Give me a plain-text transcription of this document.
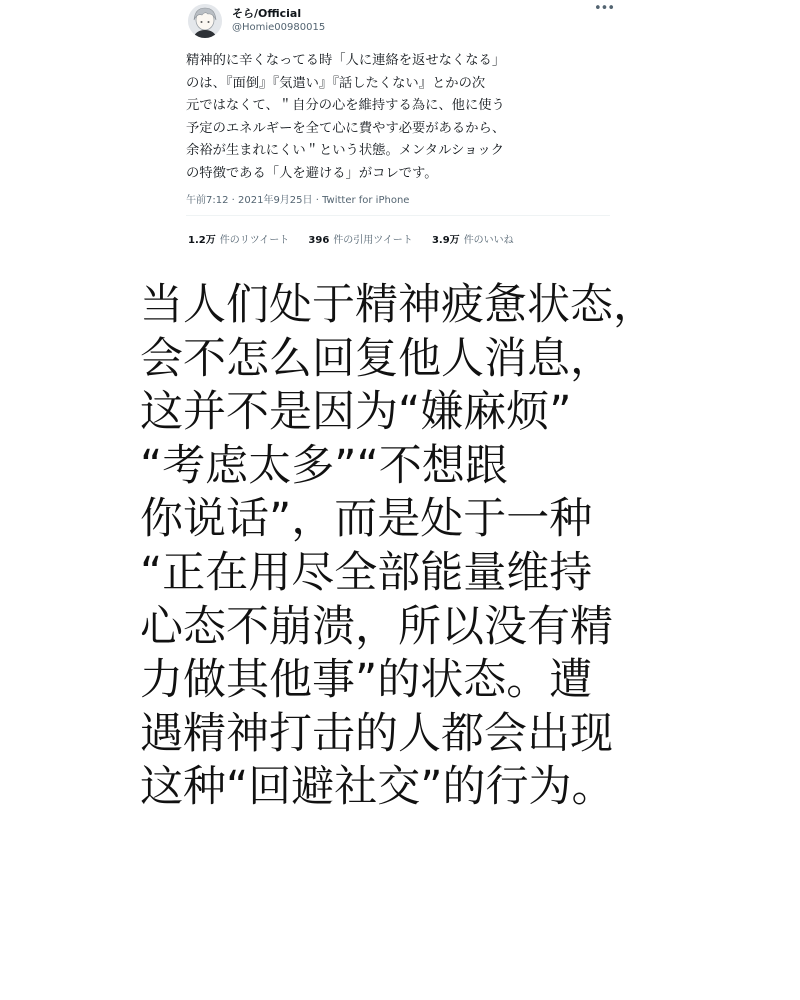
そら/Official
@Homie00980015
•••
精神的に辛くなってる時「人に連絡を返せなくなる」
のは、『面倒』『気遣い』『話したくない』とかの次
元ではなくて、＂自分の心を維持する為に、他に使う
予定のエネルギーを全て心に費やす必要があるから、
余裕が生まれにくい＂という状態。メンタルショック
の特徴である「人を避ける」がコレです。
午前7:12 · 2021年9月25日 · Twitter for iPhone
1.2万 件のリツイート 396 件の引用ツイート 3.9万 件のいいね
当人们处于精神疲惫状态，
会不怎么回复他人消息，
这并不是因为“嫌麻烦”
“考虑太多”“不想跟
你说话”，而是处于一种
“正在用尽全部能量维持
心态不崩溃，所以没有精
力做其他事”的状态。遭
遇精神打击的人都会出现
这种“回避社交”的行为。
